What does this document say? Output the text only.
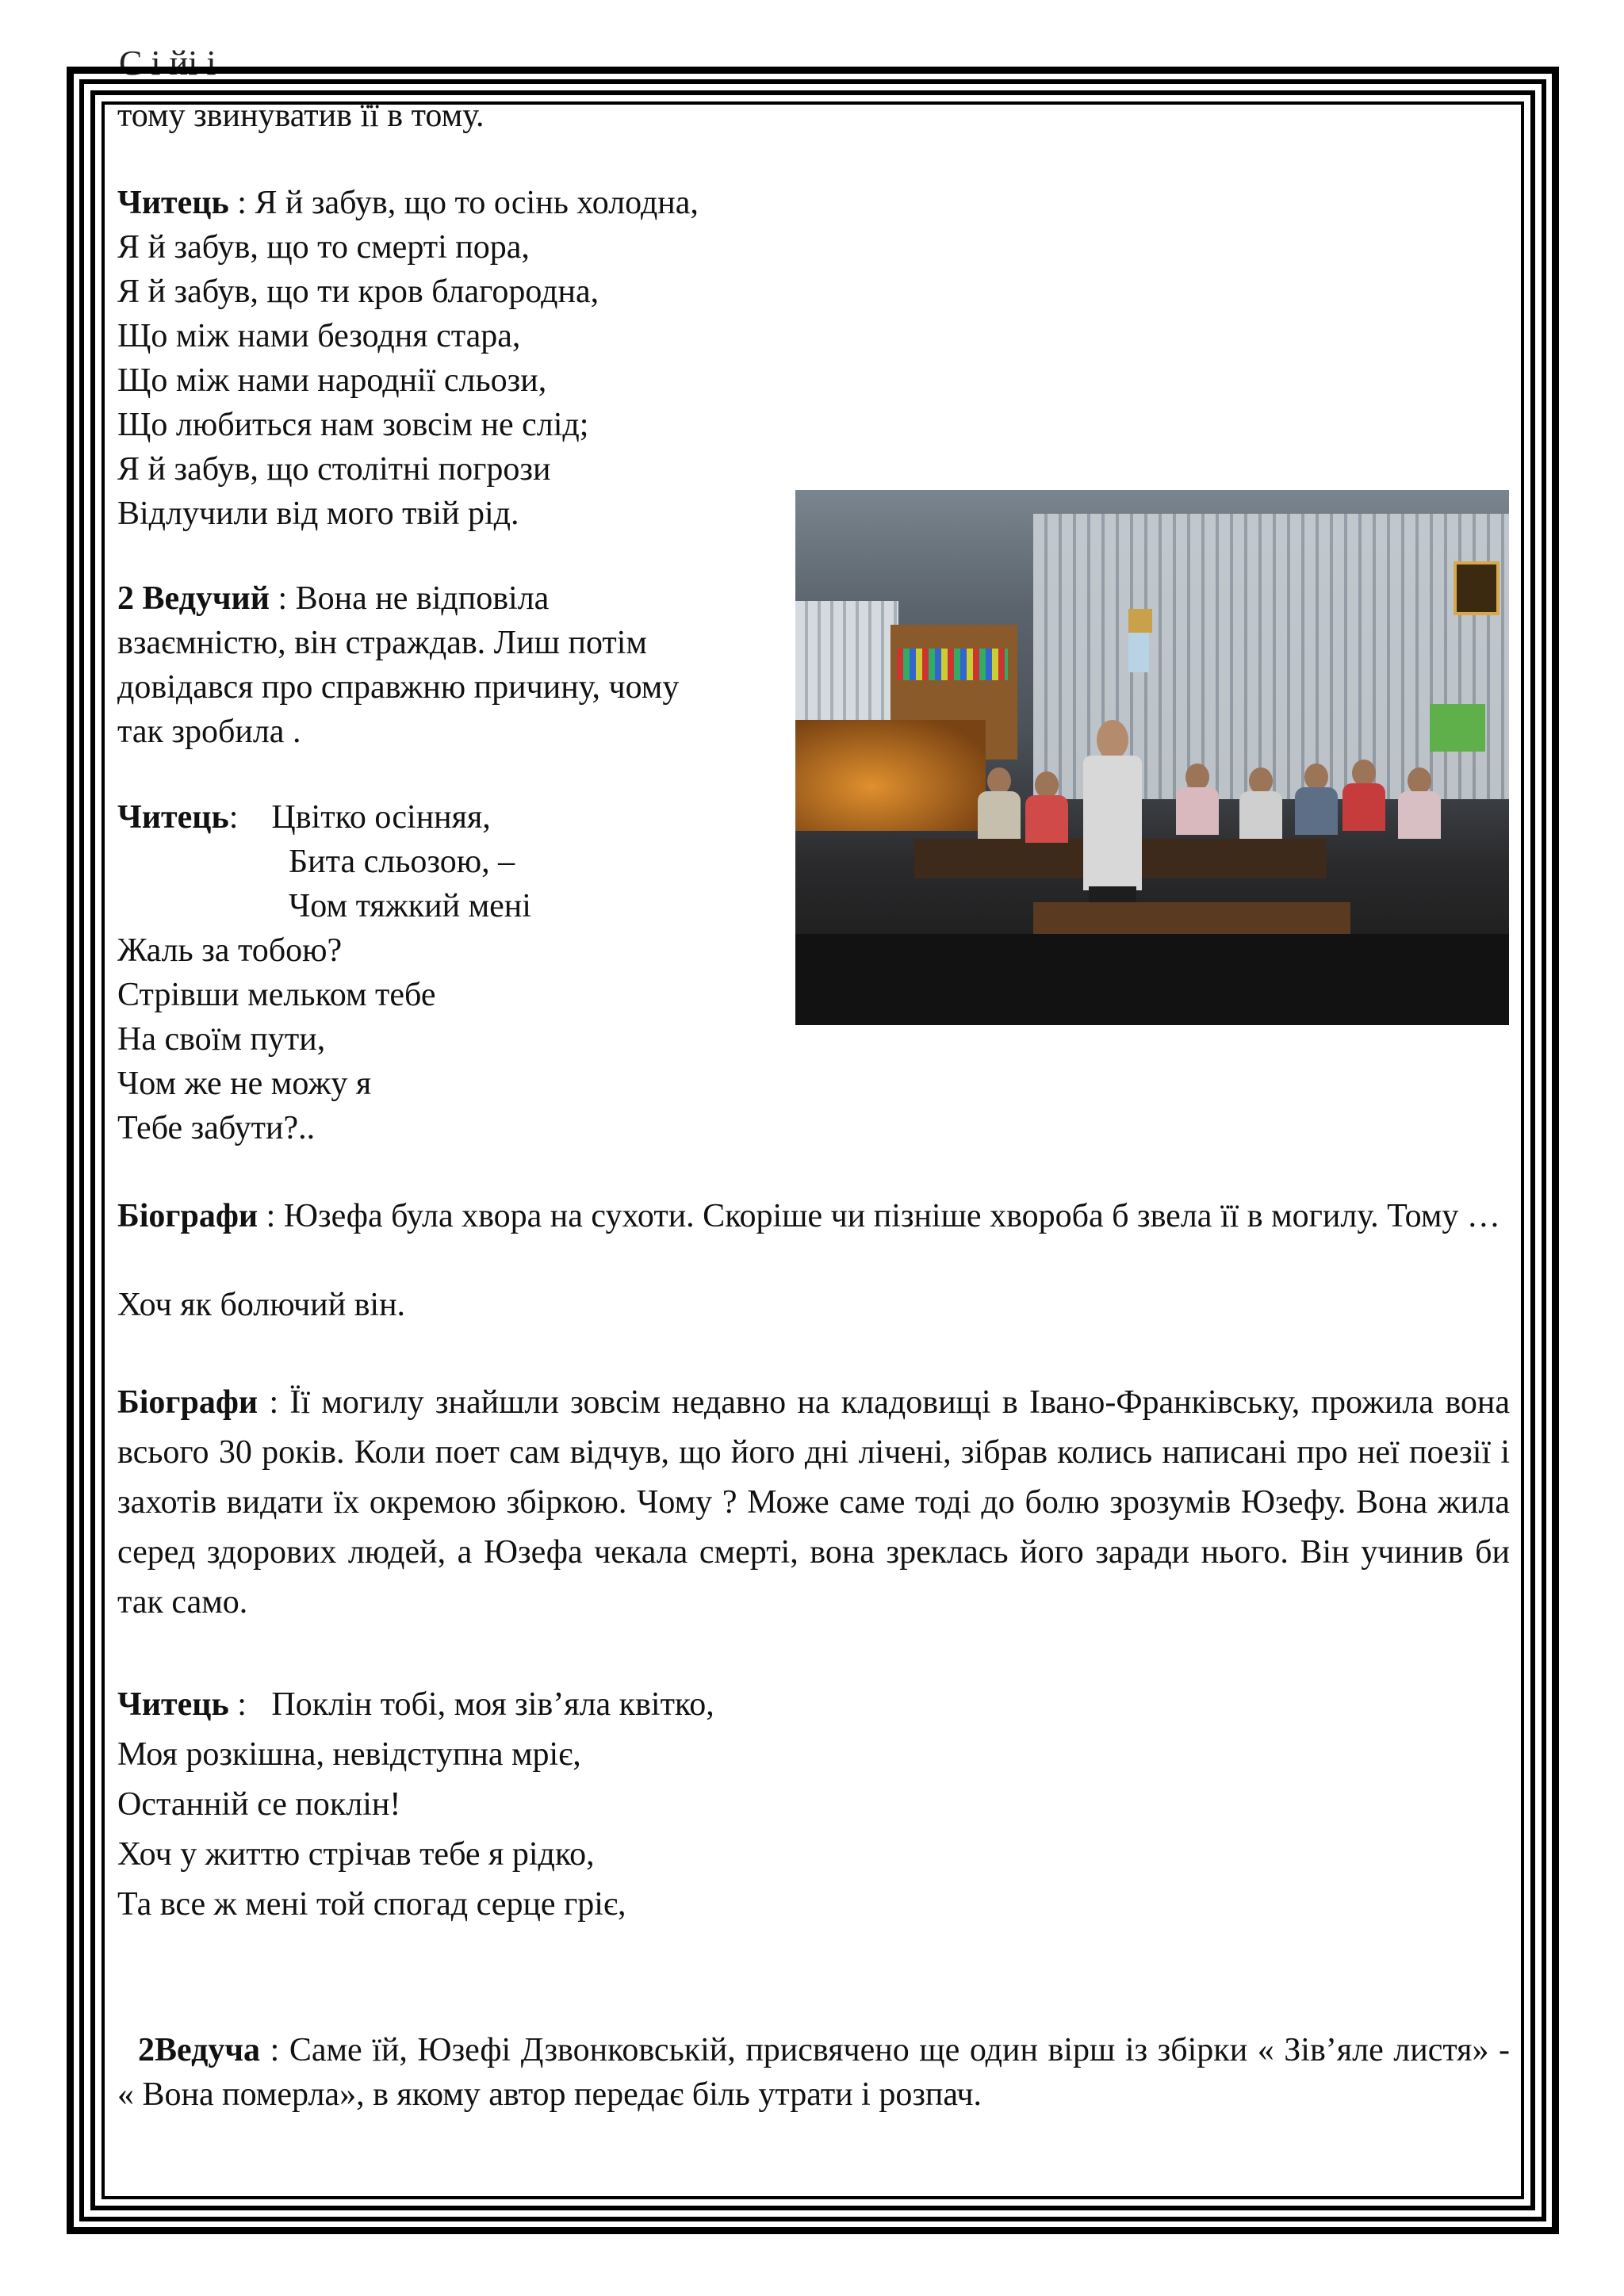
С і йі і
тому звинуватив її в тому.
Читець : Я й забув, що то осінь холодна,
Я й забув, що то смерті пора,
Я й забув, що ти кров благородна,
Що між нами безодня стара,
Що між нами народнії сльози,
Що любиться нам зовсім не слід;
Я й забув, що столітні погрози
Відлучили від мого твій рід.
2 Ведучий : Вона не відповіла
взаємністю, він страждав. Лиш потім
довідався про справжню причину, чому
так зробила .
Читець:    Цвітко осінняя,
Бита сльозою, –
Чом тяжкий мені
Жаль за тобою?
Стрівши мельком тебе
На своїм пути,
Чом же не можу я
Тебе забути?..
Біографи : Юзефа була хвора на сухоти. Скоріше чи пізніше хвороба б звела її в могилу. Тому …
Хоч як болючий він.
Біографи : Її могилу знайшли зовсім недавно на кладовищі в Івано-Франківську, прожила вона всього 30 років. Коли поет сам відчув, що його дні лічені, зібрав колись написані про неї поезії і захотів видати їх окремою збіркою. Чому ? Може саме тоді до болю зрозумів Юзефу. Вона жила серед здорових людей, а Юзефа чекала смерті, вона зреклась його заради нього. Він учинив би так само.
Читець :   Поклін тобі, моя зів’яла квітко,
Моя розкішна, невідступна мріє,
Останній се поклін!
Хоч у життю стрічав тебе я рідко,
Та все ж мені той спогад серце гріє,
2Ведуча : Саме їй, Юзефі Дзвонковській, присвячено ще один вірш із збірки « Зів’яле листя» - « Вона померла», в якому автор передає біль утрати і розпач.
